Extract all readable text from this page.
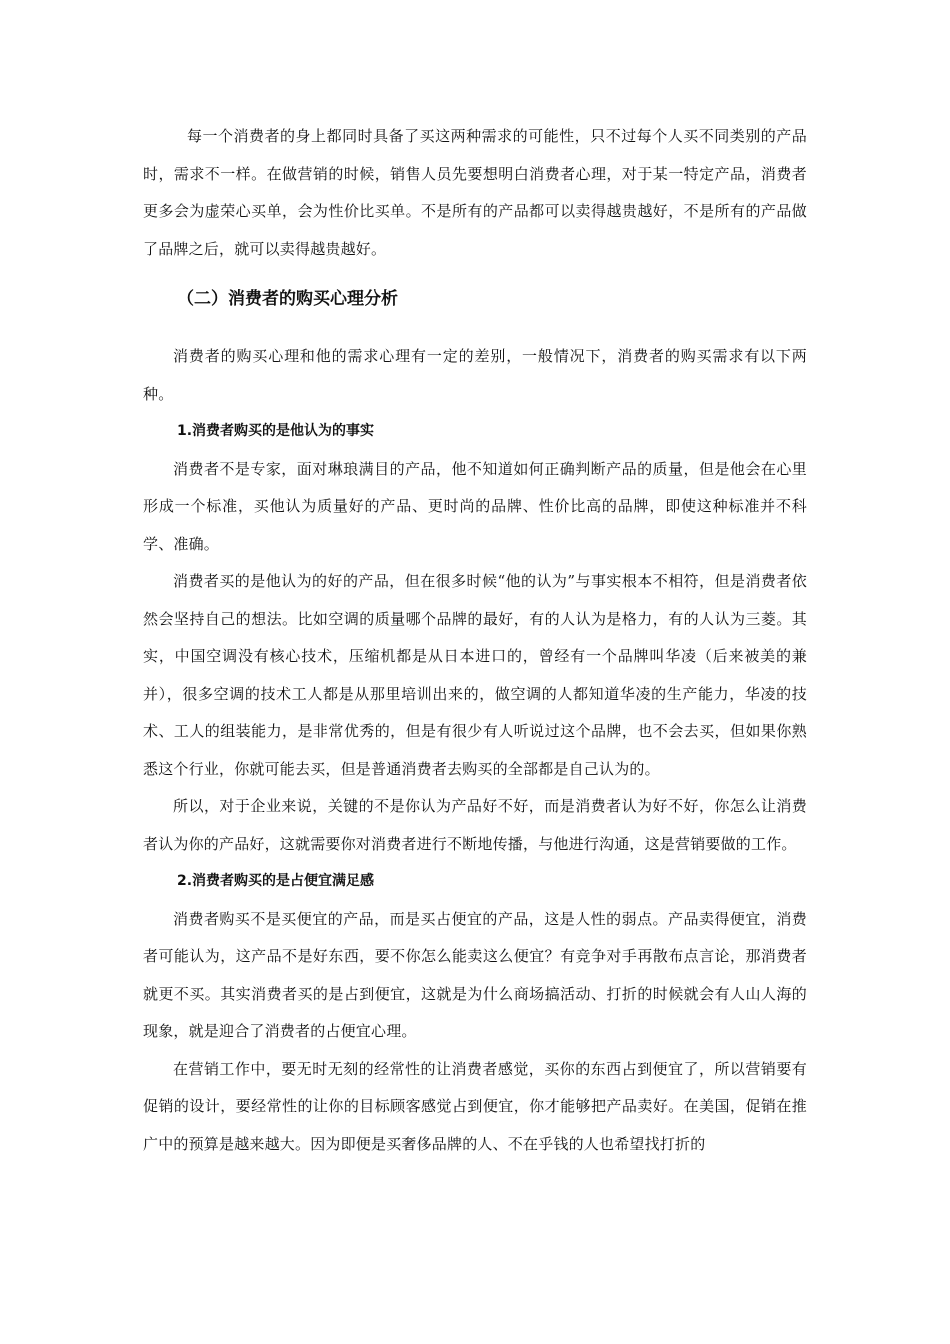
每一个消费者的身上都同时具备了买这两种需求的可能性，只不过每个人买不同类别的产品时，需求不一样。在做营销的时候，销售人员先要想明白消费者心理，对于某一特定产品，消费者更多会为虚荣心买单，会为性价比买单。不是所有的产品都可以卖得越贵越好，不是所有的产品做了品牌之后，就可以卖得越贵越好。

（二）消费者的购买心理分析

消费者的购买心理和他的需求心理有一定的差别，一般情况下，消费者的购买需求有以下两种。

1.消费者购买的是他认为的事实

消费者不是专家，面对琳琅满目的产品，他不知道如何正确判断产品的质量，但是他会在心里形成一个标准，买他认为质量好的产品、更时尚的品牌、性价比高的品牌，即使这种标准并不科学、准确。

消费者买的是他认为的好的产品，但在很多时候“他的认为”与事实根本不相符，但是消费者依然会坚持自己的想法。比如空调的质量哪个品牌的最好，有的人认为是格力，有的人认为三菱。其实，中国空调没有核心技术，压缩机都是从日本进口的，曾经有一个品牌叫华凌（后来被美的兼并），很多空调的技术工人都是从那里培训出来的，做空调的人都知道华凌的生产能力，华凌的技术、工人的组装能力，是非常优秀的，但是有很少有人听说过这个品牌，也不会去买，但如果你熟悉这个行业，你就可能去买，但是普通消费者去购买的全部都是自己认为的。

所以，对于企业来说，关键的不是你认为产品好不好，而是消费者认为好不好，你怎么让消费者认为你的产品好，这就需要你对消费者进行不断地传播，与他进行沟通，这是营销要做的工作。

2.消费者购买的是占便宜满足感

消费者购买不是买便宜的产品，而是买占便宜的产品，这是人性的弱点。产品卖得便宜，消费者可能认为，这产品不是好东西，要不你怎么能卖这么便宜？有竞争对手再散布点言论，那消费者就更不买。其实消费者买的是占到便宜，这就是为什么商场搞活动、打折的时候就会有人山人海的现象，就是迎合了消费者的占便宜心理。

在营销工作中，要无时无刻的经常性的让消费者感觉，买你的东西占到便宜了，所以营销要有促销的设计，要经常性的让你的目标顾客感觉占到便宜，你才能够把产品卖好。在美国，促销在推广中的预算是越来越大。因为即便是买奢侈品牌的人、不在乎钱的人也希望找打折的
